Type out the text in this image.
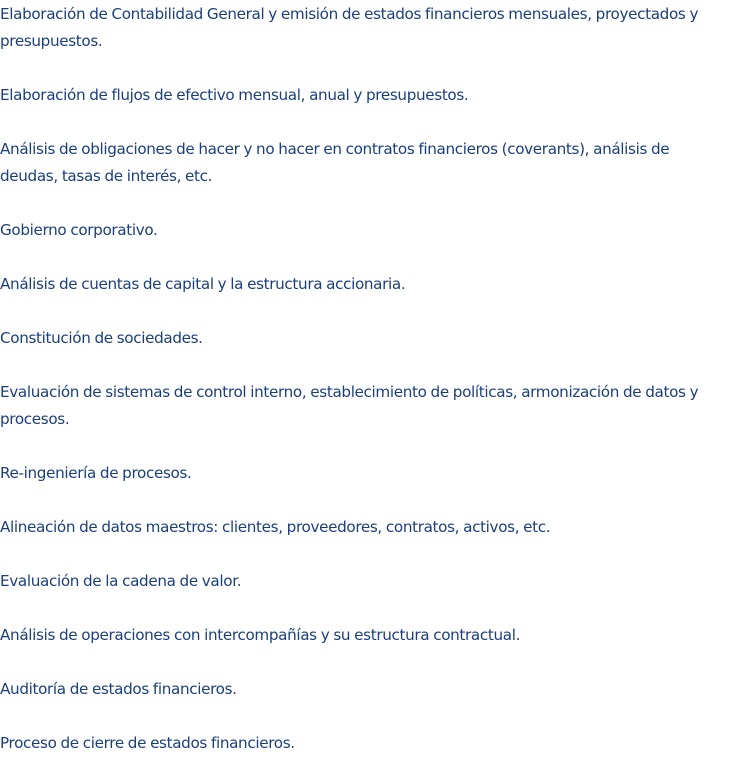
Elaboración de Contabilidad General y emisión de estados financieros mensuales, proyectados y presupuestos.

Elaboración de flujos de efectivo mensual, anual y presupuestos.

Análisis de obligaciones de hacer y no hacer en contratos financieros (coverants), análisis de deudas, tasas de interés, etc.

Gobierno corporativo.

Análisis de cuentas de capital y la estructura accionaria.

Constitución de sociedades.

Evaluación de sistemas de control interno, establecimiento de políticas, armonización de datos y procesos.

Re-ingeniería de procesos.

Alineación de datos maestros: clientes, proveedores, contratos, activos, etc.

Evaluación de la cadena de valor.

Análisis de operaciones con intercompañías y su estructura contractual.

Auditoría de estados financieros.

Proceso de cierre de estados financieros.
